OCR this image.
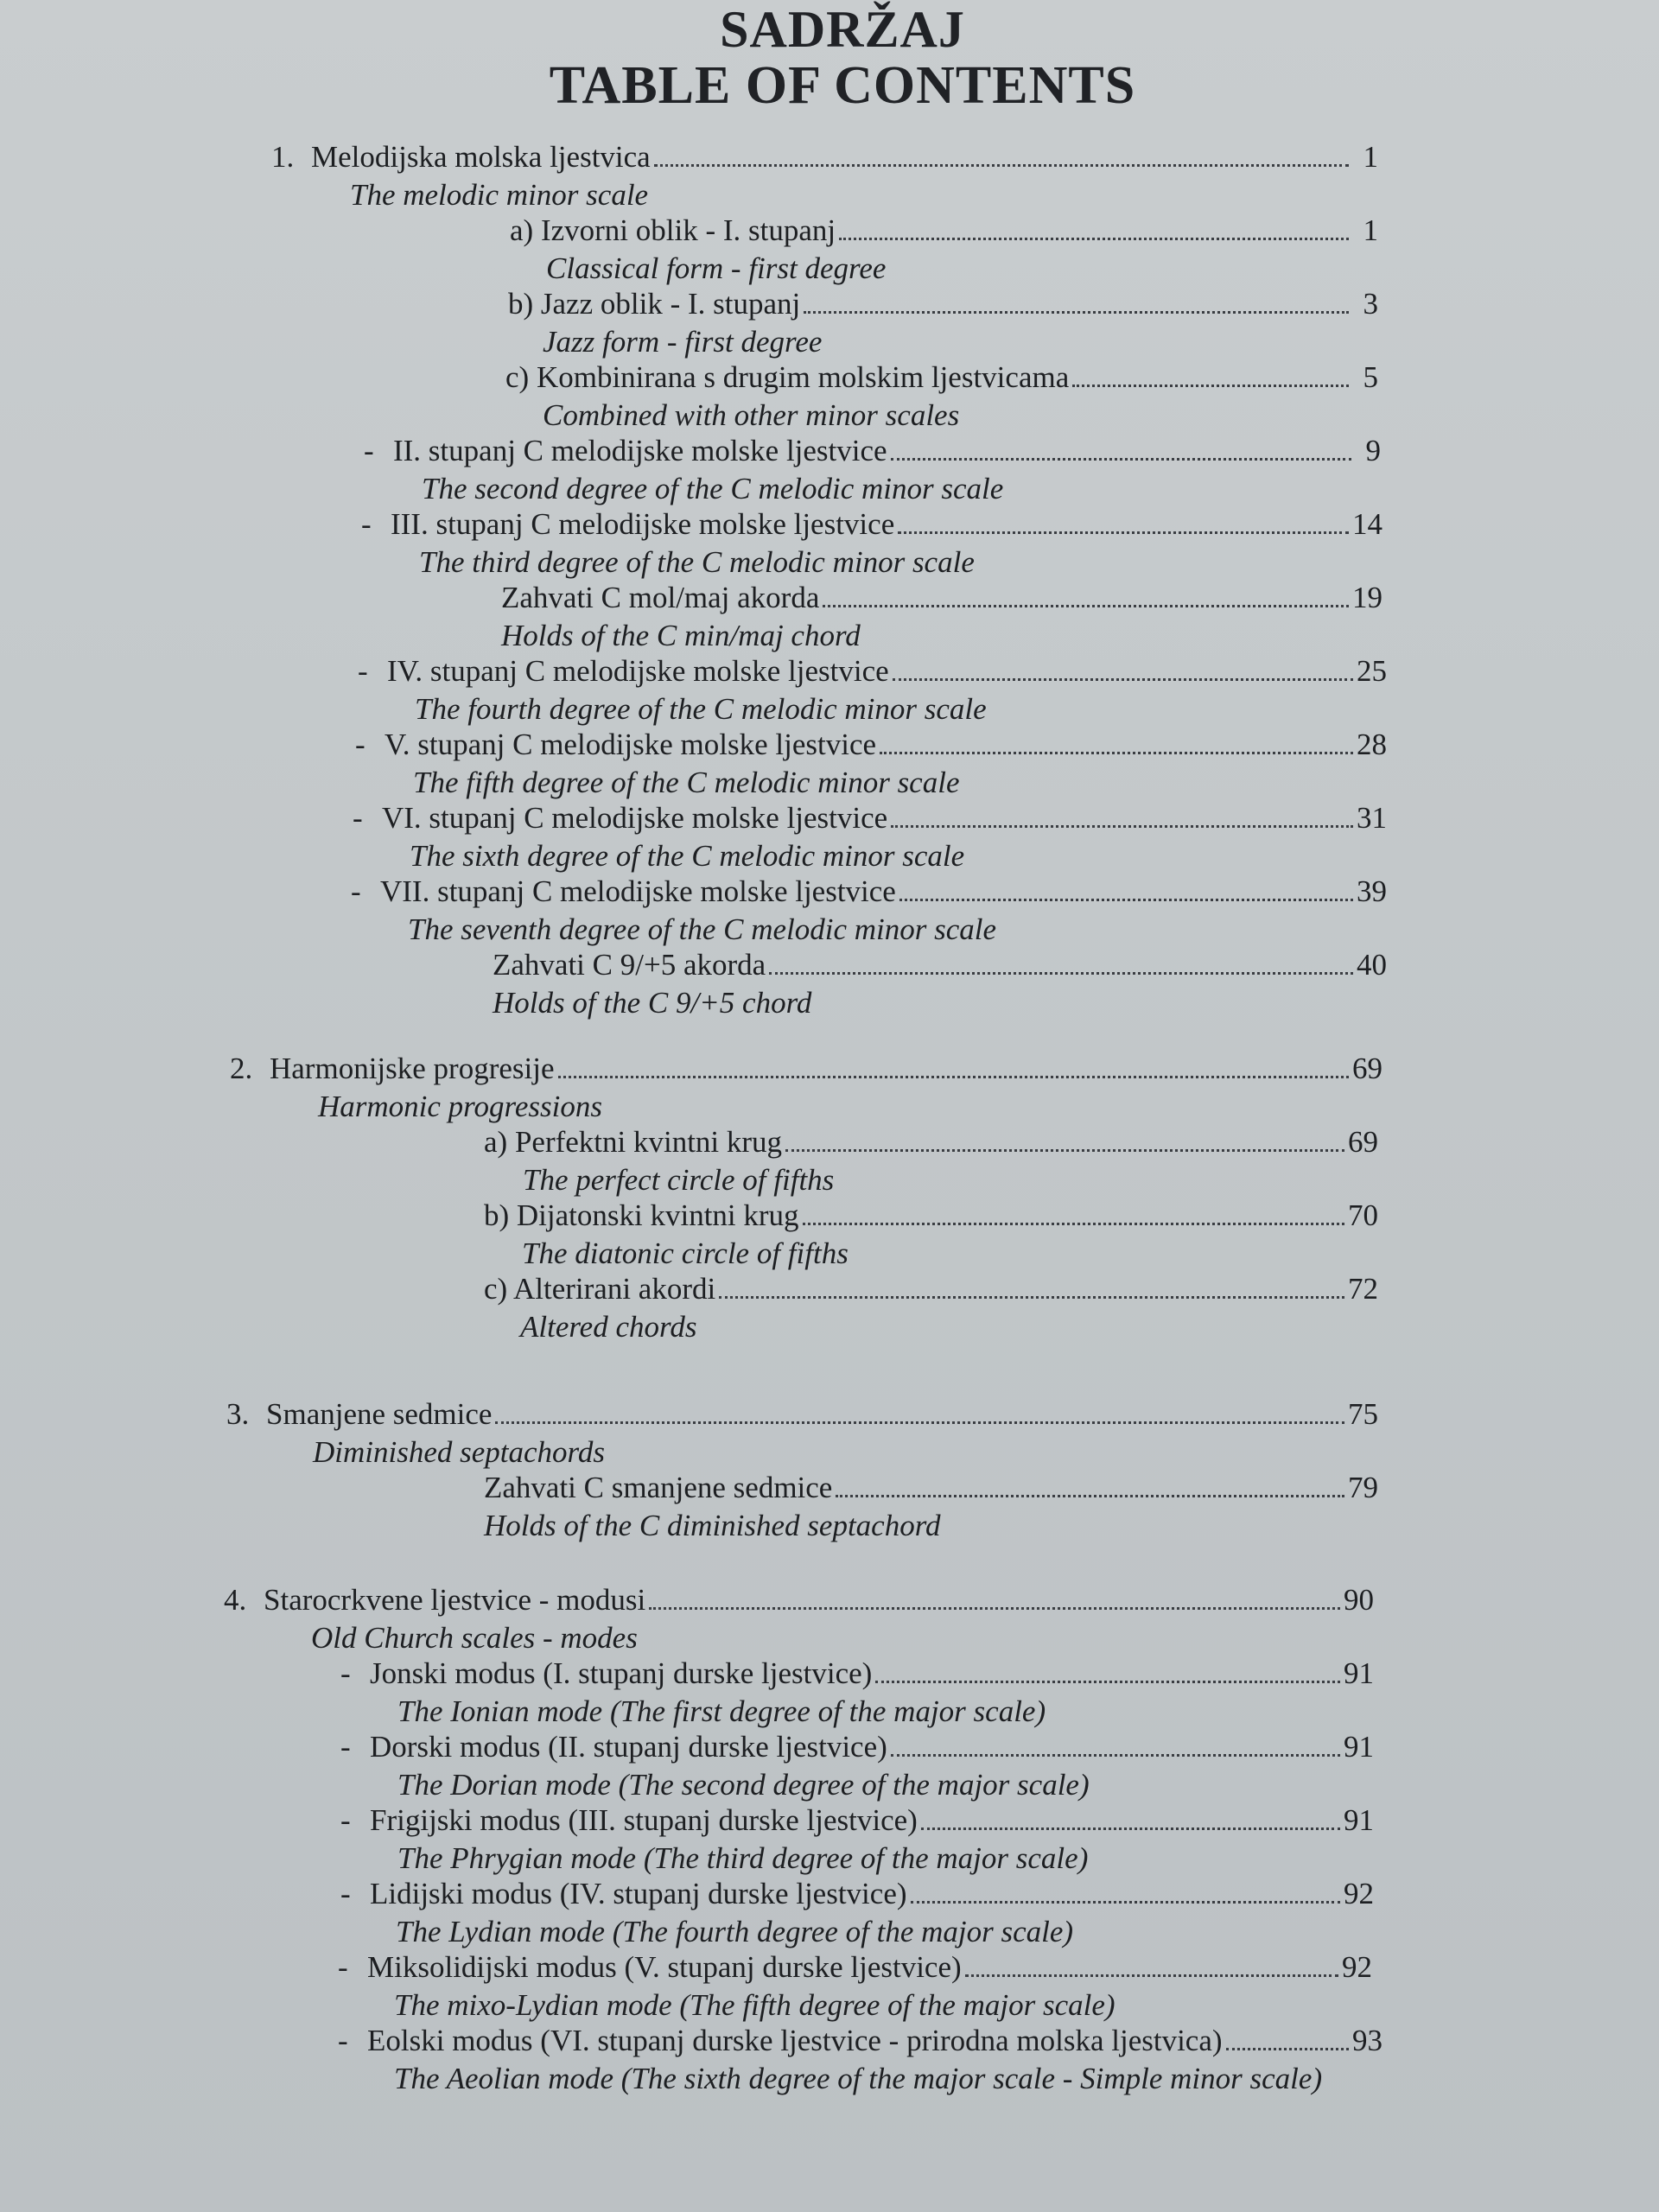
SADRŽAJ
TABLE OF CONTENTS
1. Melodijska molska ljestvica	1
The melodic minor scale
a) Izvorni oblik - I. stupanj	1
Classical form - first degree
b) Jazz oblik - I. stupanj	3
Jazz form - first degree
c) Kombinirana s drugim molskim ljestvicama	5
Combined with other minor scales
- II. stupanj C melodijske molske ljestvice	9
The second degree of the C melodic minor scale
- III. stupanj C melodijske molske ljestvice	14
The third degree of the C melodic minor scale
Zahvati C mol/maj akorda	19
Holds of the C min/maj chord
- IV. stupanj C melodijske molske ljestvice	25
The fourth degree of the C melodic minor scale
- V. stupanj C melodijske molske ljestvice	28
The fifth degree of the C melodic minor scale
- VI. stupanj C melodijske molske ljestvice	31
The sixth degree of the C melodic minor scale
- VII. stupanj C melodijske molske ljestvice	39
The seventh degree of the C melodic minor scale
Zahvati C 9/+5 akorda	40
Holds of the C 9/+5 chord
2. Harmonijske progresije	69
Harmonic progressions
a) Perfektni kvintni krug	69
The perfect circle of fifths
b) Dijatonski kvintni krug	70
The diatonic circle of fifths
c) Alterirani akordi	72
Altered chords
3. Smanjene sedmice	75
Diminished septachords
Zahvati C smanjene sedmice	79
Holds of the C diminished septachord
4. Starocrkvene ljestvice - modusi	90
Old Church scales - modes
- Jonski modus (I. stupanj durske ljestvice)	91
The Ionian mode (The first degree of the major scale)
- Dorski modus (II. stupanj durske ljestvice)	91
The Dorian mode (The second degree of the major scale)
- Frigijski modus (III. stupanj durske ljestvice)	91
The Phrygian mode (The third degree of the major scale)
- Lidijski modus (IV. stupanj durske ljestvice)	92
The Lydian mode (The fourth degree of the major scale)
- Miksolidijski modus (V. stupanj durske ljestvice)	92
The mixo-Lydian mode (The fifth degree of the major scale)
- Eolski modus (VI. stupanj durske ljestvice - prirodna molska ljestvica)	93
The Aeolian mode (The sixth degree of the major scale - Simple minor scale)
